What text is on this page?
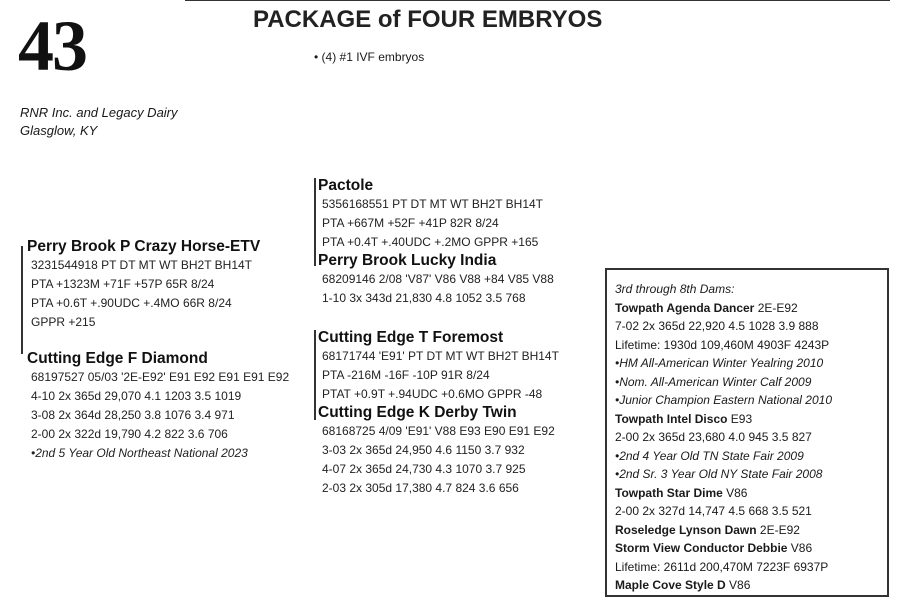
43	PACKAGE of FOUR EMBRYOS
• (4) #1 IVF embryos
RNR Inc. and Legacy Dairy
Glasglow, KY
Perry Brook P Crazy Horse-ETV
3231544918 PT DT MT WT BH2T BH14T
PTA +1323M +71F +57P 65R 8/24
PTA +0.6T +.90UDC +.4MO 66R 8/24
GPPR +215
Cutting Edge F Diamond
68197527 05/03 '2E-E92' E91 E92 E91 E91 E92
4-10 2x 365d 29,070 4.1 1203 3.5 1019
3-08 2x 364d 28,250 3.8 1076 3.4 971
2-00 2x 322d 19,790 4.2 822 3.6 706
•2nd 5 Year Old Northeast National 2023
Pactole
5356168551 PT DT MT WT BH2T BH14T
PTA +667M +52F +41P 82R 8/24
PTA +0.4T +.40UDC +.2MO GPPR +165
Perry Brook Lucky India
68209146 2/08 'V87' V86 V88 +84 V85 V88
1-10 3x 343d 21,830 4.8 1052 3.5 768
Cutting Edge T Foremost
68171744 'E91' PT DT MT WT BH2T BH14T
PTA -216M -16F -10P 91R 8/24
PTAT +0.9T +.94UDC +0.6MO GPPR -48
Cutting Edge K Derby Twin
68168725 4/09 'E91' V88 E93 E90 E91 E92
3-03 2x 365d 24,950 4.6 1150 3.7 932
4-07 2x 365d 24,730 4.3 1070 3.7 925
2-03 2x 305d 17,380 4.7 824 3.6 656
3rd through 8th Dams:
Towpath Agenda Dancer 2E-E92
7-02 2x 365d 22,920 4.5 1028 3.9 888
Lifetime: 1930d 109,460M 4903F 4243P
•HM All-American Winter Yealring 2010
•Nom. All-American Winter Calf 2009
•Junior Champion Eastern National 2010
Towpath Intel Disco E93
2-00 2x 365d 23,680 4.0 945 3.5 827
•2nd 4 Year Old TN State Fair 2009
•2nd Sr. 3 Year Old NY State Fair 2008
Towpath Star Dime V86
2-00 2x 327d 14,747 4.5 668 3.5 521
Roseledge Lynson Dawn 2E-E92
Storm View Conductor Debbie V86
Lifetime: 2611d 200,470M 7223F 6937P
Maple Cove Style D V86
